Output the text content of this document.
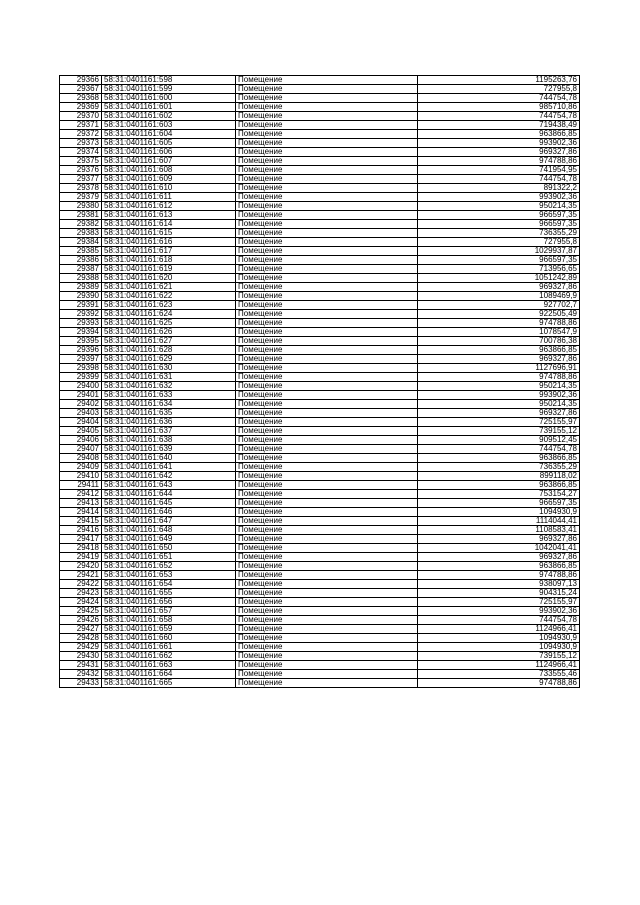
29366	58:31:0401161:598	Помещение	1195263,76
29367	58:31:0401161:599	Помещение	727955,8
29368	58:31:0401161:600	Помещение	744754,78
29369	58:31:0401161:601	Помещение	985710,86
29370	58:31:0401161:602	Помещение	744754,78
29371	58:31:0401161:603	Помещение	719438,49
29372	58:31:0401161:604	Помещение	963866,85
29373	58:31:0401161:605	Помещение	993902,36
29374	58:31:0401161:606	Помещение	969327,86
29375	58:31:0401161:607	Помещение	974788,86
29376	58:31:0401161:608	Помещение	741954,95
29377	58:31:0401161:609	Помещение	744754,78
29378	58:31:0401161:610	Помещение	891322,2
29379	58:31:0401161:611	Помещение	993902,36
29380	58:31:0401161:612	Помещение	950214,35
29381	58:31:0401161:613	Помещение	966597,35
29382	58:31:0401161:614	Помещение	966597,35
29383	58:31:0401161:615	Помещение	736355,29
29384	58:31:0401161:616	Помещение	727955,8
29385	58:31:0401161:617	Помещение	1029937,87
29386	58:31:0401161:618	Помещение	966597,35
29387	58:31:0401161:619	Помещение	713956,65
29388	58:31:0401161:620	Помещение	1051242,89
29389	58:31:0401161:621	Помещение	969327,86
29390	58:31:0401161:622	Помещение	1089469,9
29391	58:31:0401161:623	Помещение	927702,7
29392	58:31:0401161:624	Помещение	922505,49
29393	58:31:0401161:625	Помещение	974788,86
29394	58:31:0401161:626	Помещение	1078547,9
29395	58:31:0401161:627	Помещение	700786,38
29396	58:31:0401161:628	Помещение	963866,85
29397	58:31:0401161:629	Помещение	969327,86
29398	58:31:0401161:630	Помещение	1127696,91
29399	58:31:0401161:631	Помещение	974788,86
29400	58:31:0401161:632	Помещение	950214,35
29401	58:31:0401161:633	Помещение	993902,36
29402	58:31:0401161:634	Помещение	950214,35
29403	58:31:0401161:635	Помещение	969327,86
29404	58:31:0401161:636	Помещение	725155,97
29405	58:31:0401161:637	Помещение	739155,12
29406	58:31:0401161:638	Помещение	909512,45
29407	58:31:0401161:639	Помещение	744754,78
29408	58:31:0401161:640	Помещение	963866,85
29409	58:31:0401161:641	Помещение	736355,29
29410	58:31:0401161:642	Помещение	899118,02
29411	58:31:0401161:643	Помещение	963866,85
29412	58:31:0401161:644	Помещение	753154,27
29413	58:31:0401161:645	Помещение	966597,35
29414	58:31:0401161:646	Помещение	1094930,9
29415	58:31:0401161:647	Помещение	1114044,41
29416	58:31:0401161:648	Помещение	1108583,41
29417	58:31:0401161:649	Помещение	969327,86
29418	58:31:0401161:650	Помещение	1042041,41
29419	58:31:0401161:651	Помещение	969327,86
29420	58:31:0401161:652	Помещение	963866,85
29421	58:31:0401161:653	Помещение	974788,86
29422	58:31:0401161:654	Помещение	938097,13
29423	58:31:0401161:655	Помещение	904315,24
29424	58:31:0401161:656	Помещение	725155,97
29425	58:31:0401161:657	Помещение	993902,36
29426	58:31:0401161:658	Помещение	744754,78
29427	58:31:0401161:659	Помещение	1124966,41
29428	58:31:0401161:660	Помещение	1094930,9
29429	58:31:0401161:661	Помещение	1094930,9
29430	58:31:0401161:662	Помещение	739155,12
29431	58:31:0401161:663	Помещение	1124966,41
29432	58:31:0401161:664	Помещение	733555,46
29433	58:31:0401161:665	Помещение	974788,86
